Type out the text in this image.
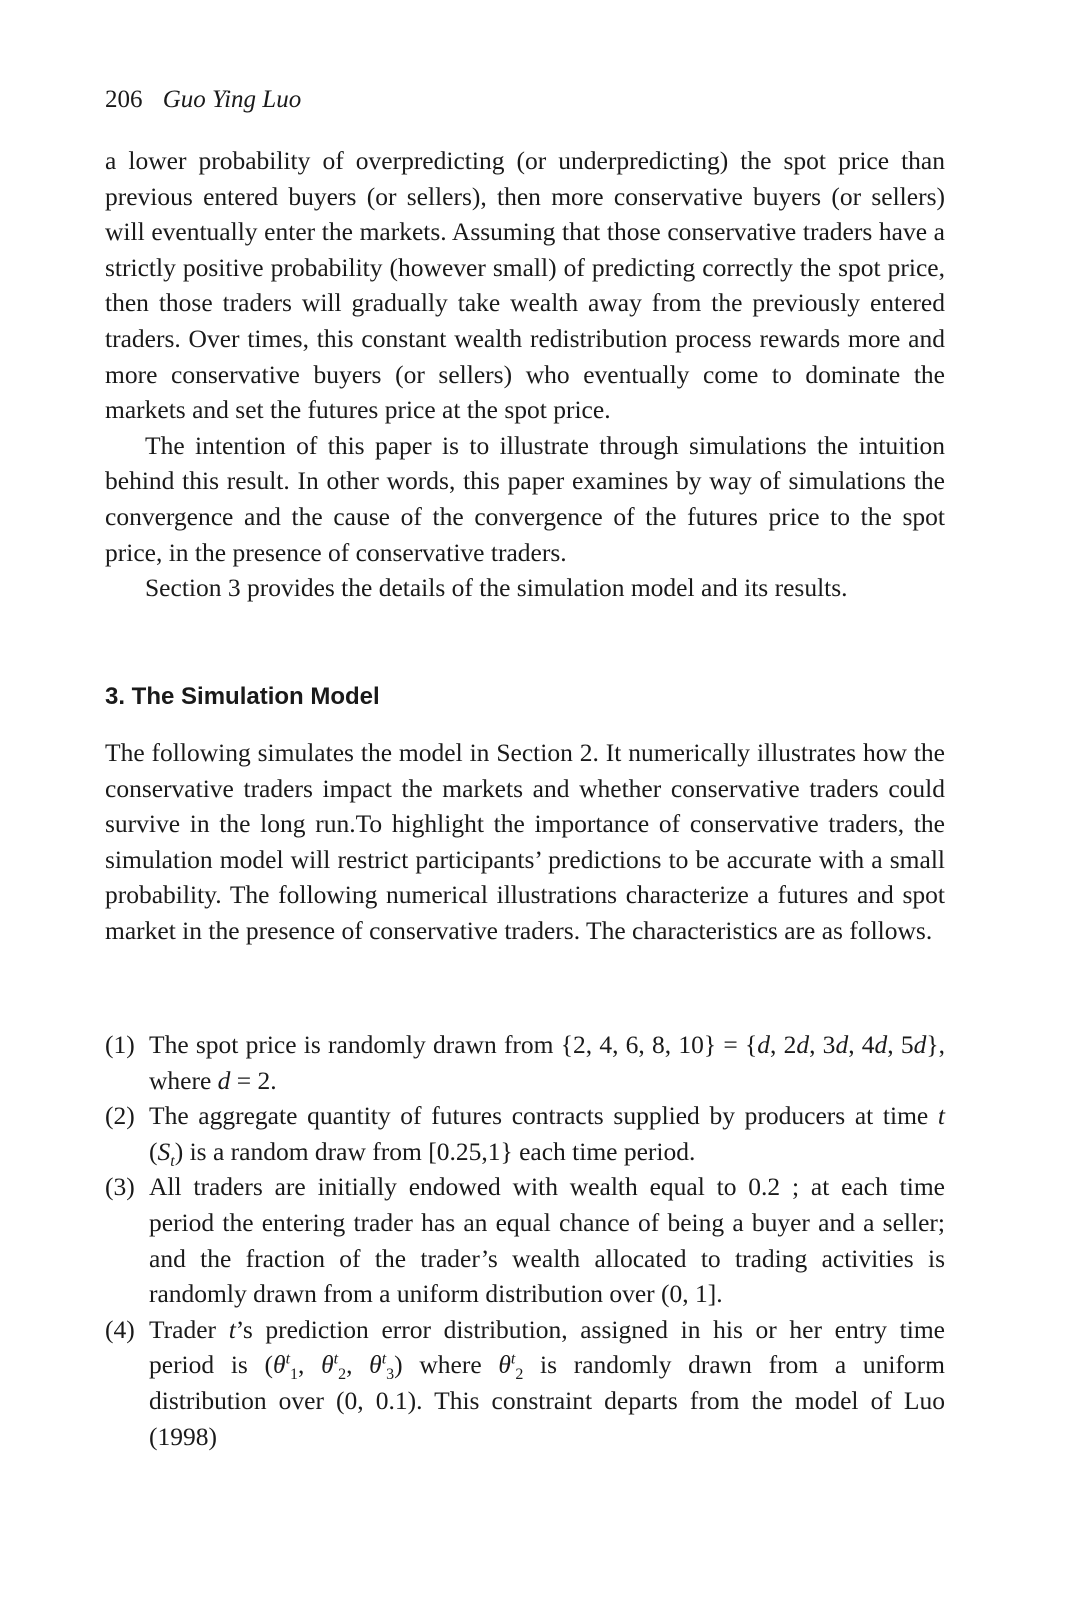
206 Guo Ying Luo

a lower probability of overpredicting (or underpredicting) the spot price than previous entered buyers (or sellers), then more conservative buyers (or sellers) will eventually enter the markets. Assuming that those conservative traders have a strictly positive probability (however small) of predicting correctly the spot price, then those traders will gradually take wealth away from the previously entered traders. Over times, this constant wealth redistribution process rewards more and more conservative buyers (or sellers) who eventually come to dominate the markets and set the futures price at the spot price.

The intention of this paper is to illustrate through simulations the intuition behind this result. In other words, this paper examines by way of simulations the convergence and the cause of the convergence of the futures price to the spot price, in the presence of conservative traders.

Section 3 provides the details of the simulation model and its results.

3. The Simulation Model

The following simulates the model in Section 2. It numerically illustrates how the conservative traders impact the markets and whether conservative traders could survive in the long run.To highlight the importance of conservative traders, the simulation model will restrict participants’ predictions to be accurate with a small probability. The following numerical illustrations characterize a futures and spot market in the presence of conservative traders. The characteristics are as follows.

(1) The spot price is randomly drawn from {2, 4, 6, 8, 10} = {d, 2d, 3d, 4d, 5d}, where d = 2.
(2) The aggregate quantity of futures contracts supplied by producers at time t $(S_t)$ is a random draw from [0.25,1} each time period.
(3) All traders are initially endowed with wealth equal to 0.2 ; at each time period the entering trader has an equal chance of being a buyer and a seller; and the fraction of the trader’s wealth allocated to trading activities is randomly drawn from a uniform distribution over (0, 1].
(4) Trader t’s prediction error distribution, assigned in his or her entry time period is ($\theta^t_1$, $\theta^t_2$, $\theta^t_3$) where $\theta^t_2$ is randomly drawn from a uniform distribution over (0, 0.1). This constraint departs from the model of Luo (1998)
